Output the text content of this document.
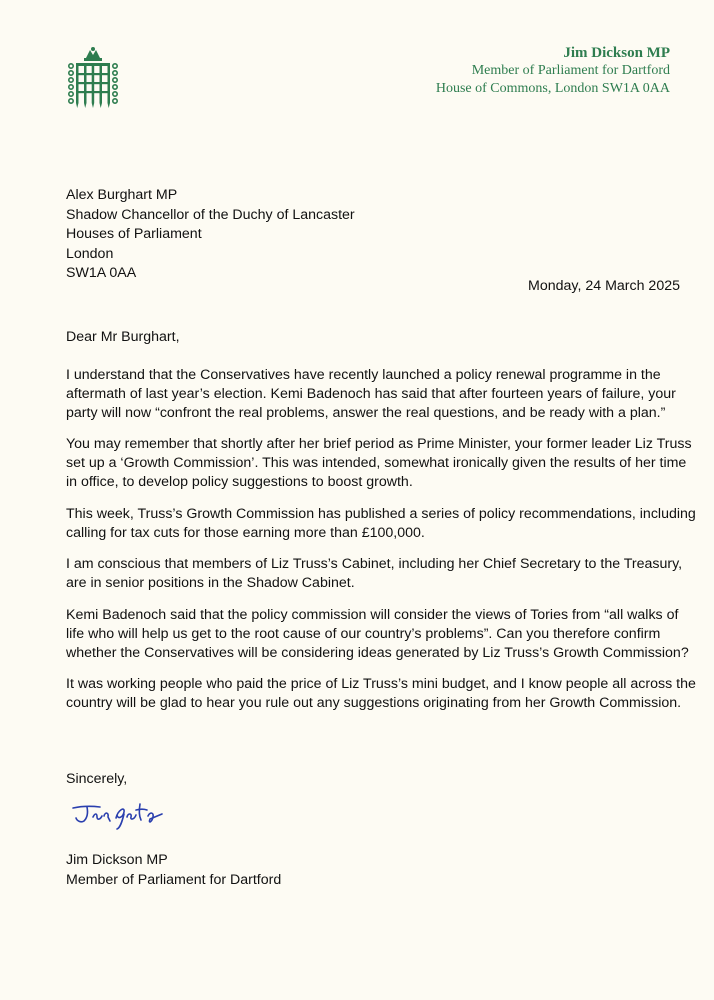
Jim Dickson MP
Member of Parliament for Dartford
House of Commons, London SW1A 0AA
Alex Burghart MP
Shadow Chancellor of the Duchy of Lancaster
Houses of Parliament
London
SW1A 0AA
Monday, 24 March 2025
Dear Mr Burghart,

I understand that the Conservatives have recently launched a policy renewal programme in the aftermath of last year’s election. Kemi Badenoch has said that after fourteen years of failure, your party will now “confront the real problems, answer the real questions, and be ready with a plan.”

You may remember that shortly after her brief period as Prime Minister, your former leader Liz Truss set up a ‘Growth Commission’. This was intended, somewhat ironically given the results of her time in office, to develop policy suggestions to boost growth.

This week, Truss’s Growth Commission has published a series of policy recommendations, including calling for tax cuts for those earning more than £100,000.

I am conscious that members of Liz Truss’s Cabinet, including her Chief Secretary to the Treasury, are in senior positions in the Shadow Cabinet.

Kemi Badenoch said that the policy commission will consider the views of Tories from “all walks of life who will help us get to the root cause of our country’s problems”. Can you therefore confirm whether the Conservatives will be considering ideas generated by Liz Truss’s Growth Commission?

It was working people who paid the price of Liz Truss’s mini budget, and I know people all across the country will be glad to hear you rule out any suggestions originating from her Growth Commission.

Sincerely,
Jim Dickson MP
Member of Parliament for Dartford
